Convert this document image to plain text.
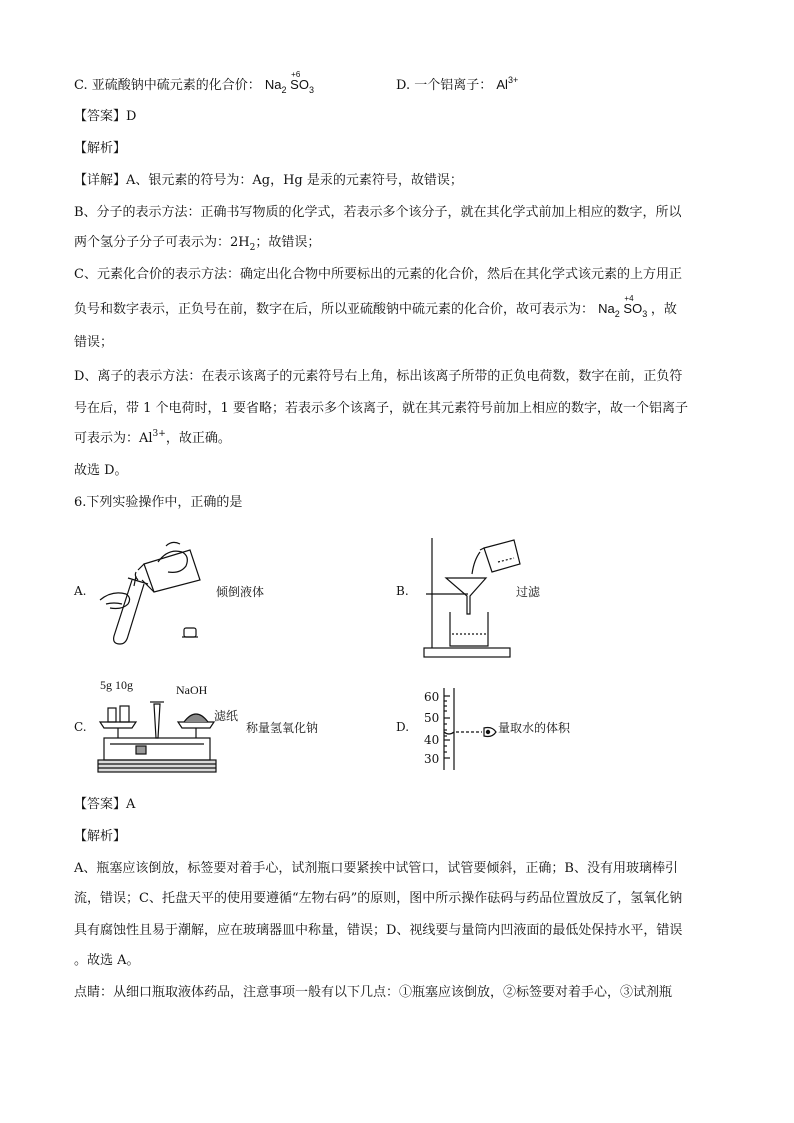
C. 亚硫酸钠中硫元素的化合价： $Na_2$
+6
$SO_3$	D. 一个铝离子： $Al^{3+}$
【答案】D
【解析】
【详解】A、银元素的符号为：Ag，Hg 是汞的元素符号，故错误；
B、分子的表示方法：正确书写物质的化学式，若表示多个该分子，就在其化学式前加上相应的数字，所以
两个氢分子分子可表示为：$2H_2$；故错误；
C、元素化合价的表示方法：确定出化合物中所要标出的元素的化合价，然后在其化学式该元素的上方用正
负号和数字表示，正负号在前，数字在后，所以亚硫酸钠中硫元素的化合价，故可表示为： $Na_2$
+4
$SO_3$ ，故
错误；
D、离子的表示方法：在表示该离子的元素符号右上角，标出该离子所带的正负电荷数，数字在前，正负符
号在后，带 1 个电荷时，1 要省略；若表示多个该离子，就在其元素符号前加上相应的数字，故一个铝离子
可表示为：$Al^{3+}$，故正确。
故选 D。
6.下列实验操作中，正确的是
A.	倾倒液体	B.	过滤
C.
5g 10g	NaOH
滤纸
称量氢氧化钠	D.
60
50
40
30
量取水的体积
【答案】A
【解析】
A、瓶塞应该倒放，标签要对着手心，试剂瓶口要紧挨中试管口，试管要倾斜，正确；B、没有用玻璃棒引
流，错误；C、托盘天平的使用要遵循“左物右码”的原则，图中所示操作砝码与药品位置放反了，氢氧化钠
具有腐蚀性且易于潮解，应在玻璃器皿中称量，错误；D、视线要与量筒内凹液面的最低处保持水平，错误
。故选 A。
点睛：从细口瓶取液体药品，注意事项一般有以下几点：①瓶塞应该倒放，②标签要对着手心，③试剂瓶
